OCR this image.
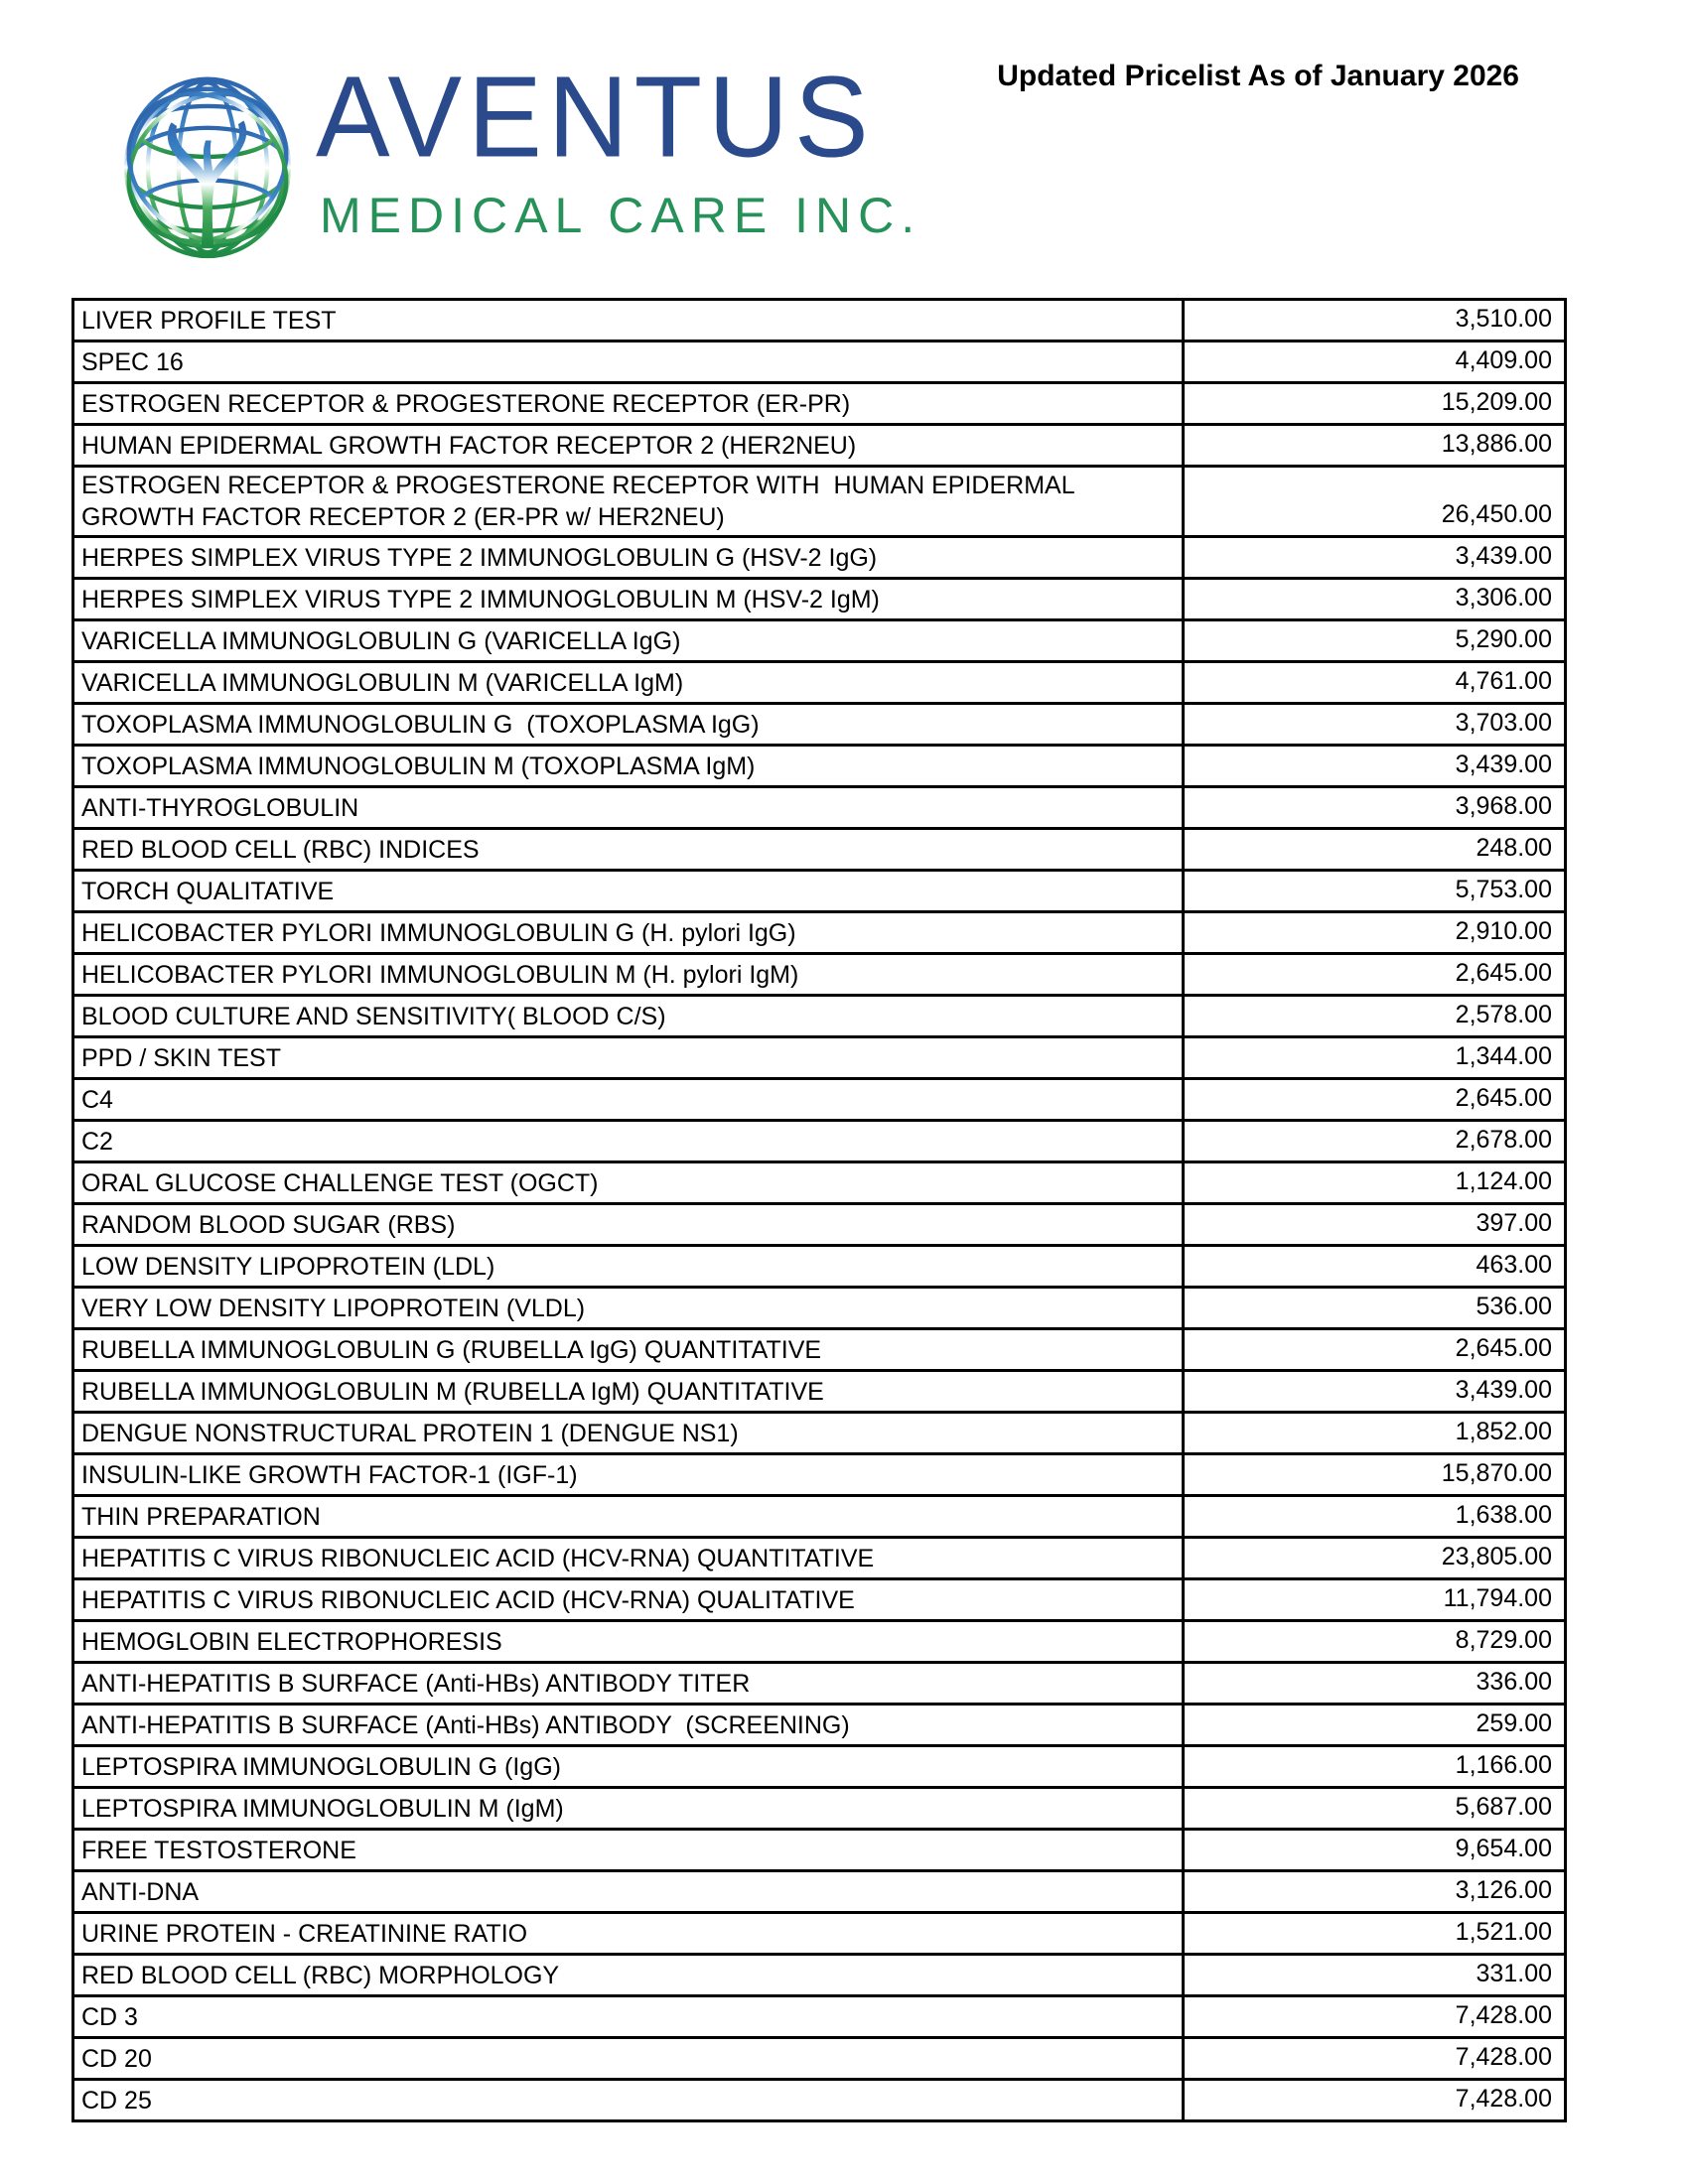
AVENTUS
MEDICAL CARE INC.
Updated Pricelist As of January 2026
LIVER PROFILE TEST	3,510.00
SPEC 16	4,409.00
ESTROGEN RECEPTOR & PROGESTERONE RECEPTOR (ER-PR)	15,209.00
HUMAN EPIDERMAL GROWTH FACTOR RECEPTOR 2 (HER2NEU)	13,886.00
ESTROGEN RECEPTOR & PROGESTERONE RECEPTOR WITH  HUMAN EPIDERMAL GROWTH FACTOR RECEPTOR 2 (ER-PR w/ HER2NEU)	26,450.00
HERPES SIMPLEX VIRUS TYPE 2 IMMUNOGLOBULIN G (HSV-2 IgG)	3,439.00
HERPES SIMPLEX VIRUS TYPE 2 IMMUNOGLOBULIN M (HSV-2 IgM)	3,306.00
VARICELLA IMMUNOGLOBULIN G (VARICELLA IgG)	5,290.00
VARICELLA IMMUNOGLOBULIN M (VARICELLA IgM)	4,761.00
TOXOPLASMA IMMUNOGLOBULIN G  (TOXOPLASMA IgG)	3,703.00
TOXOPLASMA IMMUNOGLOBULIN M (TOXOPLASMA IgM)	3,439.00
ANTI-THYROGLOBULIN	3,968.00
RED BLOOD CELL (RBC) INDICES	248.00
TORCH QUALITATIVE	5,753.00
HELICOBACTER PYLORI IMMUNOGLOBULIN G (H. pylori IgG)	2,910.00
HELICOBACTER PYLORI IMMUNOGLOBULIN M (H. pylori IgM)	2,645.00
BLOOD CULTURE AND SENSITIVITY( BLOOD C/S)	2,578.00
PPD / SKIN TEST	1,344.00
C4	2,645.00
C2	2,678.00
ORAL GLUCOSE CHALLENGE TEST (OGCT)	1,124.00
RANDOM BLOOD SUGAR (RBS)	397.00
LOW DENSITY LIPOPROTEIN (LDL)	463.00
VERY LOW DENSITY LIPOPROTEIN (VLDL)	536.00
RUBELLA IMMUNOGLOBULIN G (RUBELLA IgG) QUANTITATIVE	2,645.00
RUBELLA IMMUNOGLOBULIN M (RUBELLA IgM) QUANTITATIVE	3,439.00
DENGUE NONSTRUCTURAL PROTEIN 1 (DENGUE NS1)	1,852.00
INSULIN-LIKE GROWTH FACTOR-1 (IGF-1)	15,870.00
THIN PREPARATION	1,638.00
HEPATITIS C VIRUS RIBONUCLEIC ACID (HCV-RNA) QUANTITATIVE	23,805.00
HEPATITIS C VIRUS RIBONUCLEIC ACID (HCV-RNA) QUALITATIVE	11,794.00
HEMOGLOBIN ELECTROPHORESIS	8,729.00
ANTI-HEPATITIS B SURFACE (Anti-HBs) ANTIBODY TITER	336.00
ANTI-HEPATITIS B SURFACE (Anti-HBs) ANTIBODY  (SCREENING)	259.00
LEPTOSPIRA IMMUNOGLOBULIN G (IgG)	1,166.00
LEPTOSPIRA IMMUNOGLOBULIN M (IgM)	5,687.00
FREE TESTOSTERONE	9,654.00
ANTI-DNA	3,126.00
URINE PROTEIN - CREATININE RATIO	1,521.00
RED BLOOD CELL (RBC) MORPHOLOGY	331.00
CD 3	7,428.00
CD 20	7,428.00
CD 25	7,428.00
